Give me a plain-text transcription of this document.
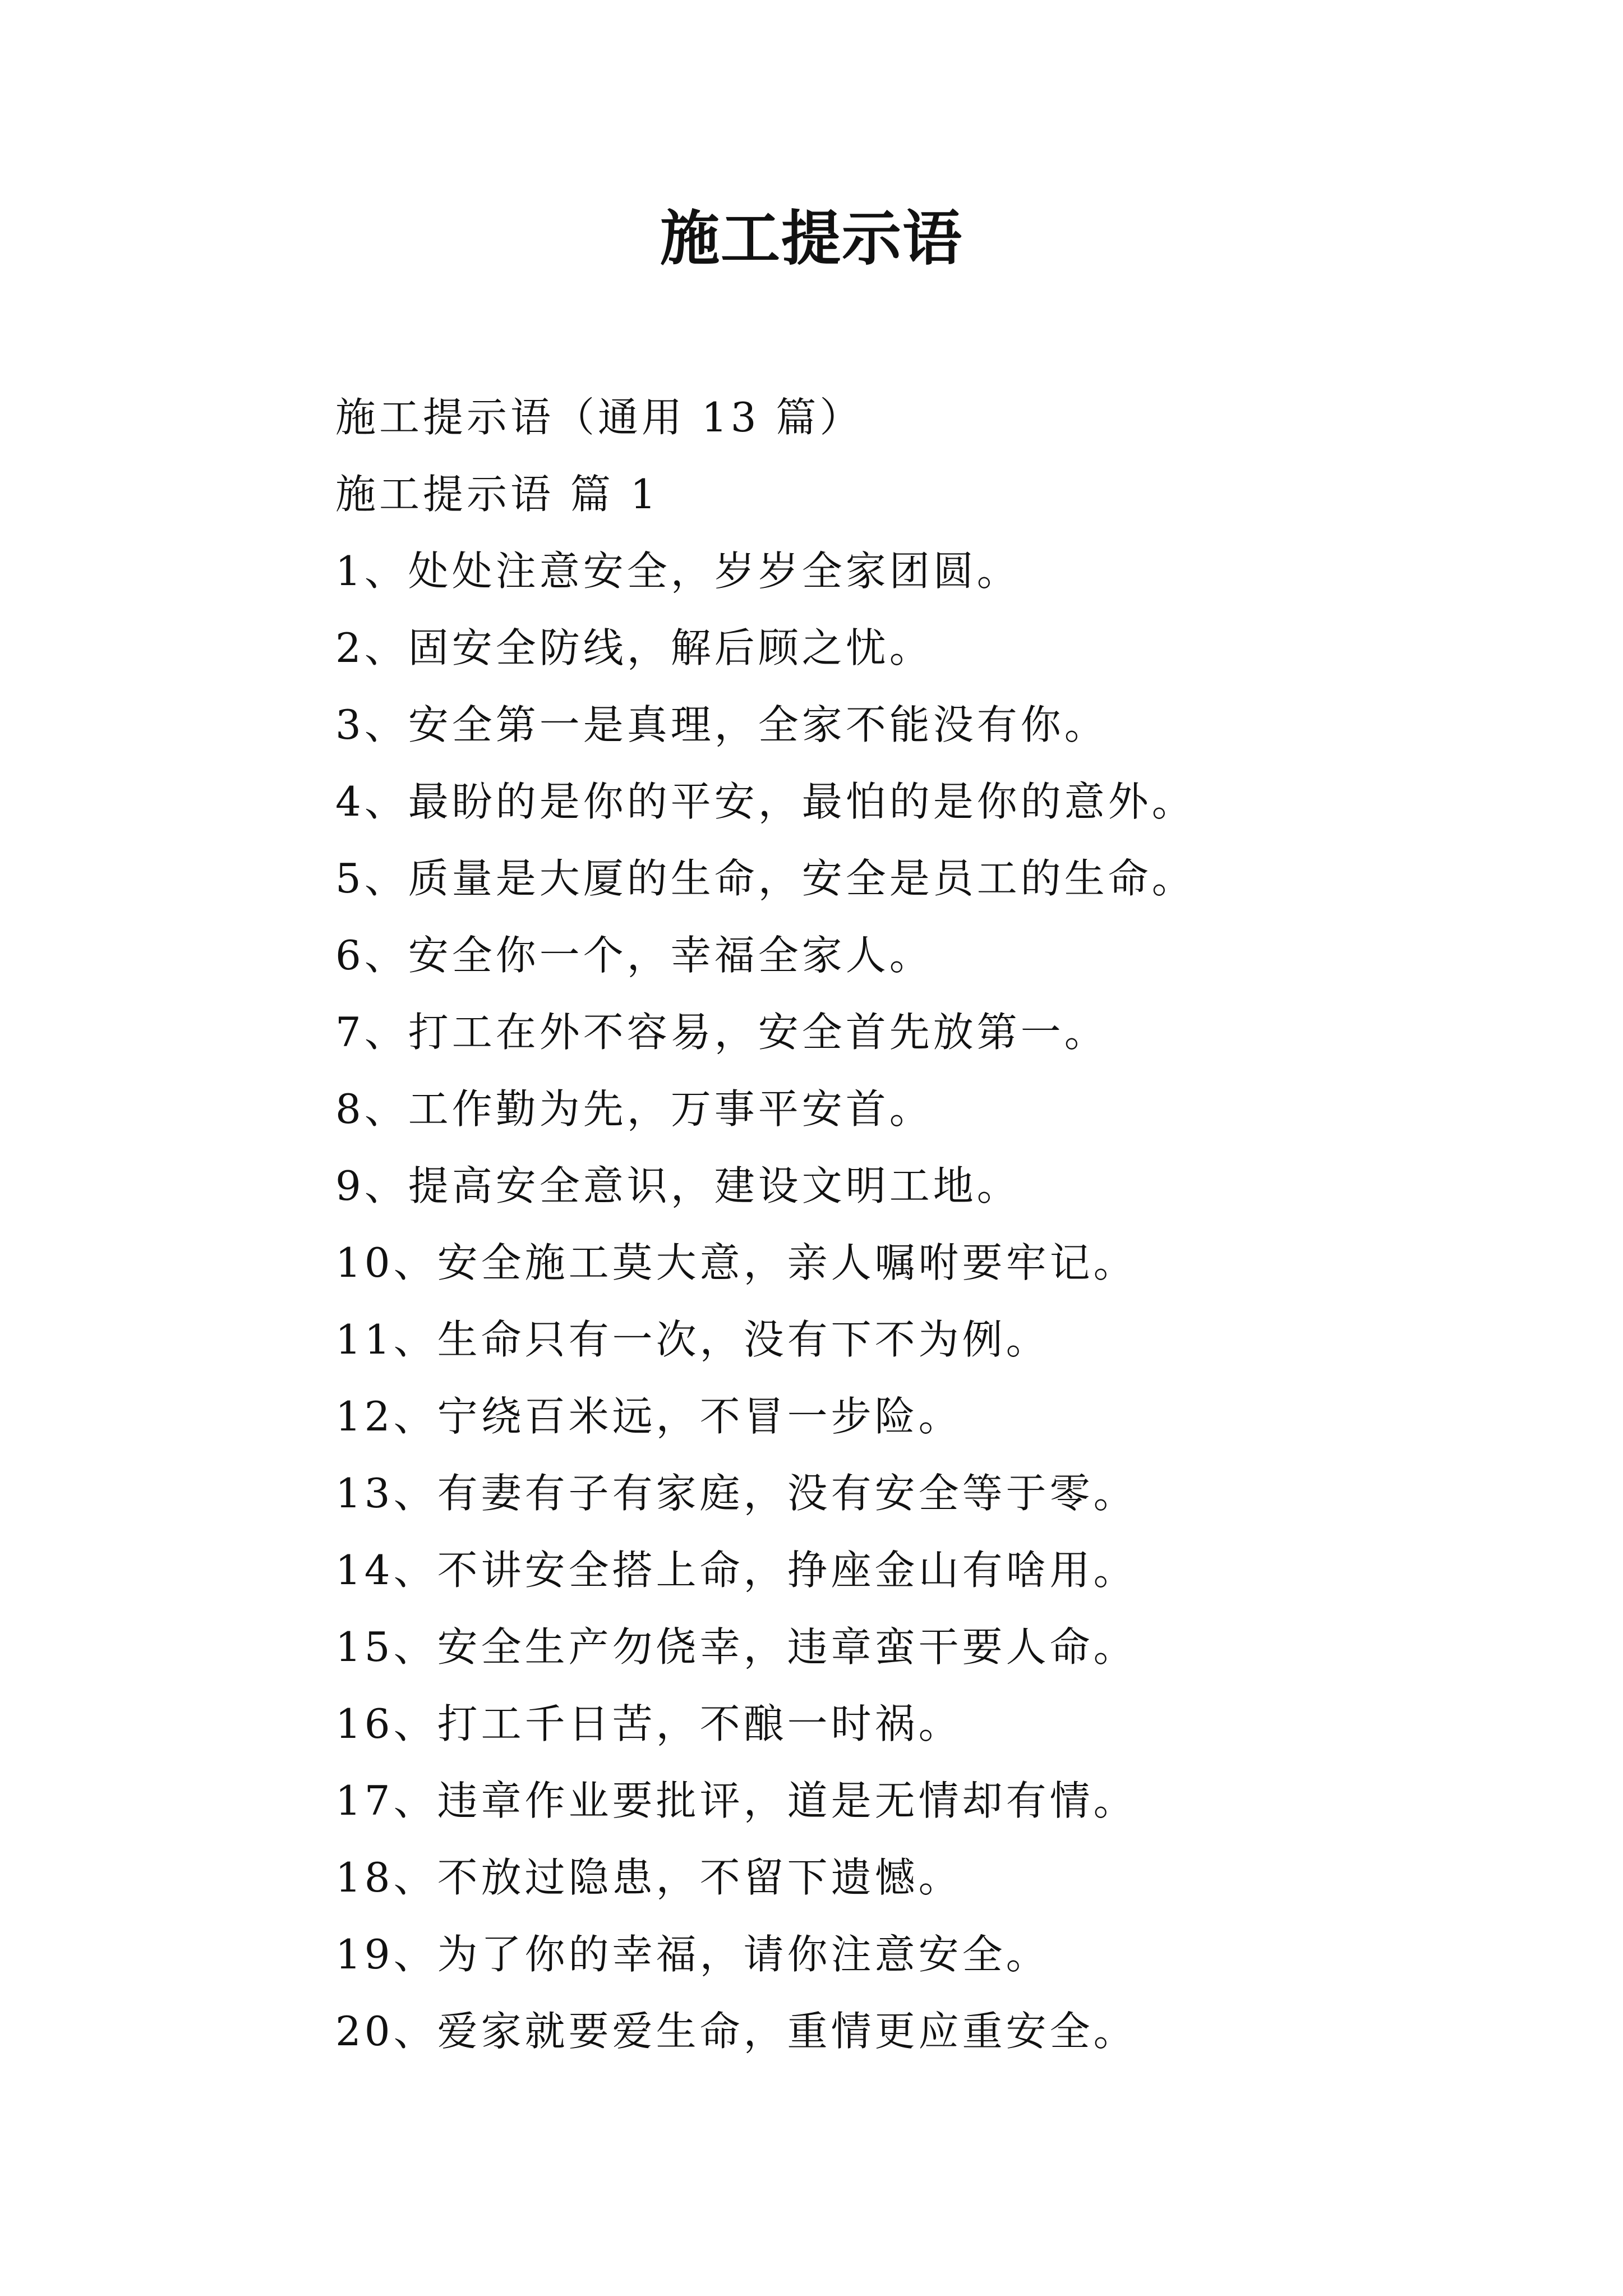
施工提示语
施工提示语（通用 13 篇）
施工提示语 篇 1
1、处处注意安全，岁岁全家团圆。
2、固安全防线，解后顾之忧。
3、安全第一是真理，全家不能没有你。
4、最盼的是你的平安，最怕的是你的意外。
5、质量是大厦的生命，安全是员工的生命。
6、安全你一个，幸福全家人。
7、打工在外不容易，安全首先放第一。
8、工作勤为先，万事平安首。
9、提高安全意识，建设文明工地。
10、安全施工莫大意，亲人嘱咐要牢记。
11、生命只有一次，没有下不为例。
12、宁绕百米远，不冒一步险。
13、有妻有子有家庭，没有安全等于零。
14、不讲安全搭上命，挣座金山有啥用。
15、安全生产勿侥幸，违章蛮干要人命。
16、打工千日苦，不酿一时祸。
17、违章作业要批评，道是无情却有情。
18、不放过隐患，不留下遗憾。
19、为了你的幸福，请你注意安全。
20、爱家就要爱生命，重情更应重安全。
